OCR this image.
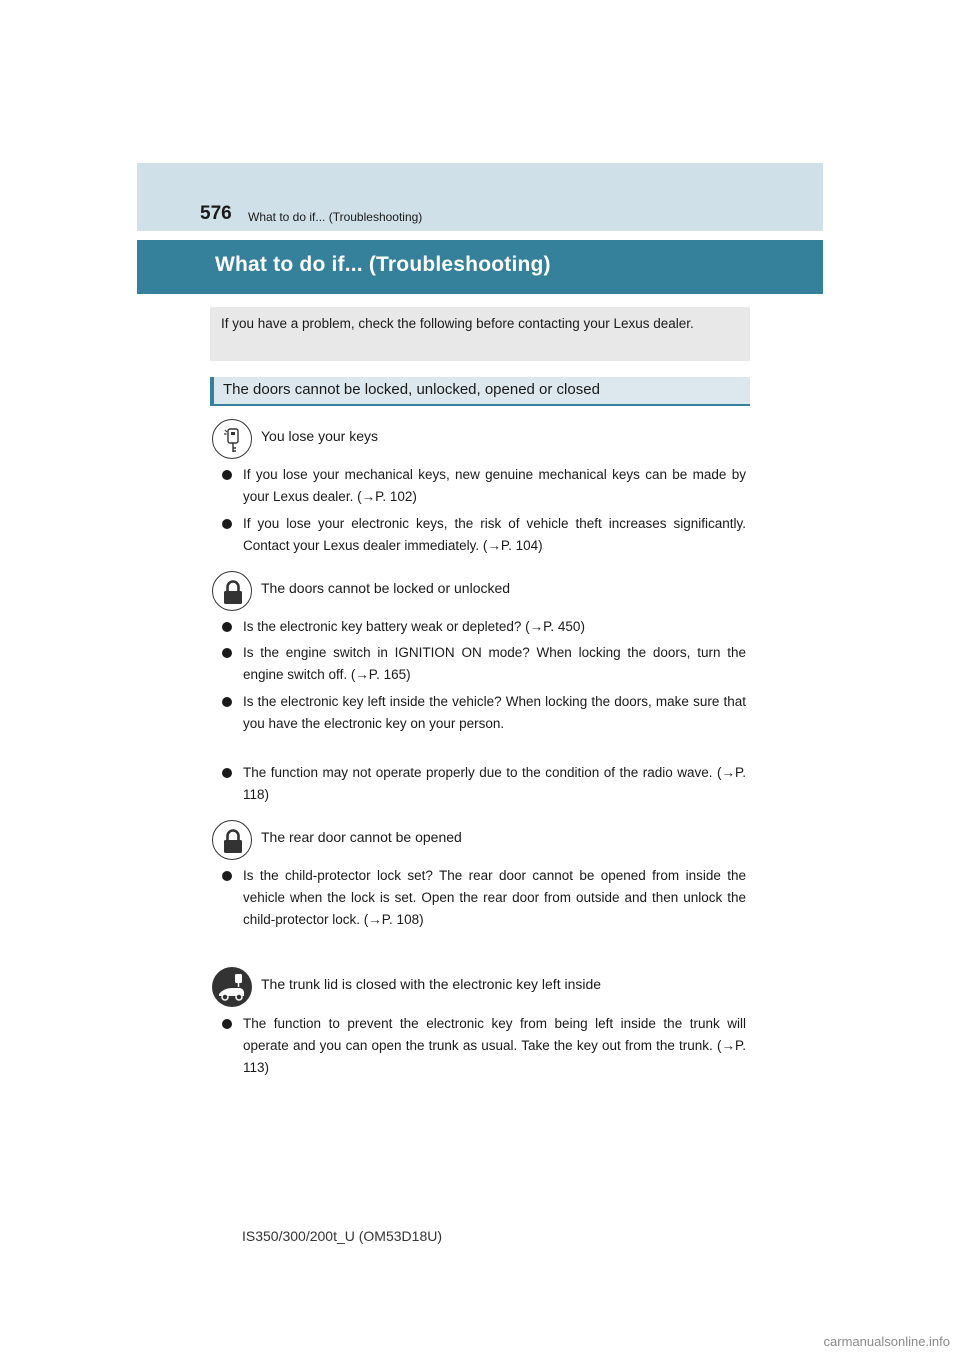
576 What to do if... (Troubleshooting)
What to do if... (Troubleshooting)
If you have a problem, check the following before contacting your Lexus dealer.
The doors cannot be locked, unlocked, opened or closed
You lose your keys
If you lose your mechanical keys, new genuine mechanical keys can be made by your Lexus dealer. (→P. 102)
If you lose your electronic keys, the risk of vehicle theft increases significantly. Contact your Lexus dealer immediately. (→P. 104)
The doors cannot be locked or unlocked
Is the electronic key battery weak or depleted? (→P. 450)
Is the engine switch in IGNITION ON mode? When locking the doors, turn the engine switch off. (→P. 165)
Is the electronic key left inside the vehicle? When locking the doors, make sure that you have the electronic key on your person.
The function may not operate properly due to the condition of the radio wave. (→P. 118)
The rear door cannot be opened
Is the child-protector lock set? The rear door cannot be opened from inside the vehicle when the lock is set. Open the rear door from outside and then unlock the child-protector lock. (→P. 108)
The trunk lid is closed with the electronic key left inside
The function to prevent the electronic key from being left inside the trunk will operate and you can open the trunk as usual. Take the key out from the trunk. (→P. 113)
IS350/300/200t_U (OM53D18U)
carmanualsonline.info
